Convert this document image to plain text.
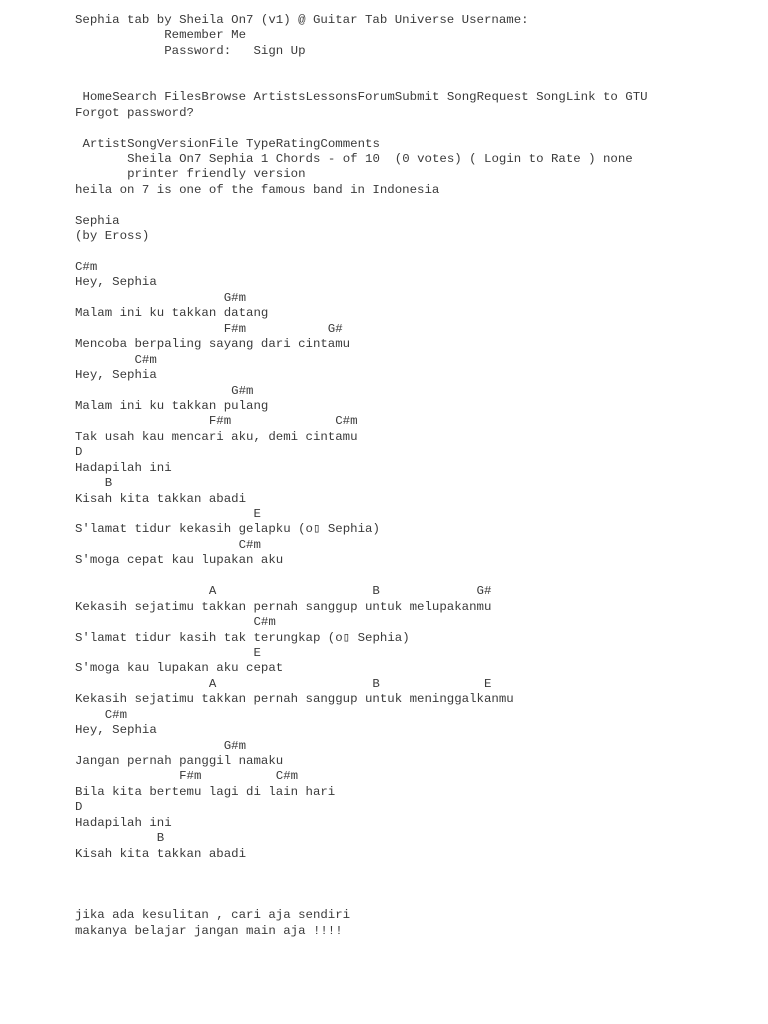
Sephia tab by Sheila On7 (v1) @ Guitar Tab Universe Username:
Remember Me
Password: Sign Up
HomeSearch FilesBrowse ArtistsLessonsForumSubmit SongRequest SongLink to GTU
Forgot password?
ArtistSongVersionFile TypeRatingComments
Sheila On7 Sephia 1 Chords - of 10 (0 votes) ( Login to Rate ) none
printer friendly version
heila on 7 is one of the famous band in Indonesia
Sephia
(by Eross)
C#m
Hey, Sephia
G#m
Malam ini ku takkan datang
F#m           G#
Mencoba berpaling sayang dari cintamu
C#m
Hey, Sephia
G#m
Malam ini ku takkan pulang
F#m              C#m
Tak usah kau mencari aku, demi cintamu
D
Hadapilah ini
B
Kisah kita takkan abadi
E
S'lamat tidur kekasih gelapku (o▯ Sephia)
C#m
S'moga cepat kau lupakan aku
A                     B             G#
Kekasih sejatimu takkan pernah sanggup untuk melupakanmu
C#m
S'lamat tidur kasih tak terungkap (o▯ Sephia)
E
S'moga kau lupakan aku cepat
A                     B              E
Kekasih sejatimu takkan pernah sanggup untuk meninggalkanmu
C#m
Hey, Sephia
G#m
Jangan pernah panggil namaku
F#m          C#m
Bila kita bertemu lagi di lain hari
D
Hadapilah ini
B
Kisah kita takkan abadi
jika ada kesulitan , cari aja sendiri
makanya belajar jangan main aja !!!!
